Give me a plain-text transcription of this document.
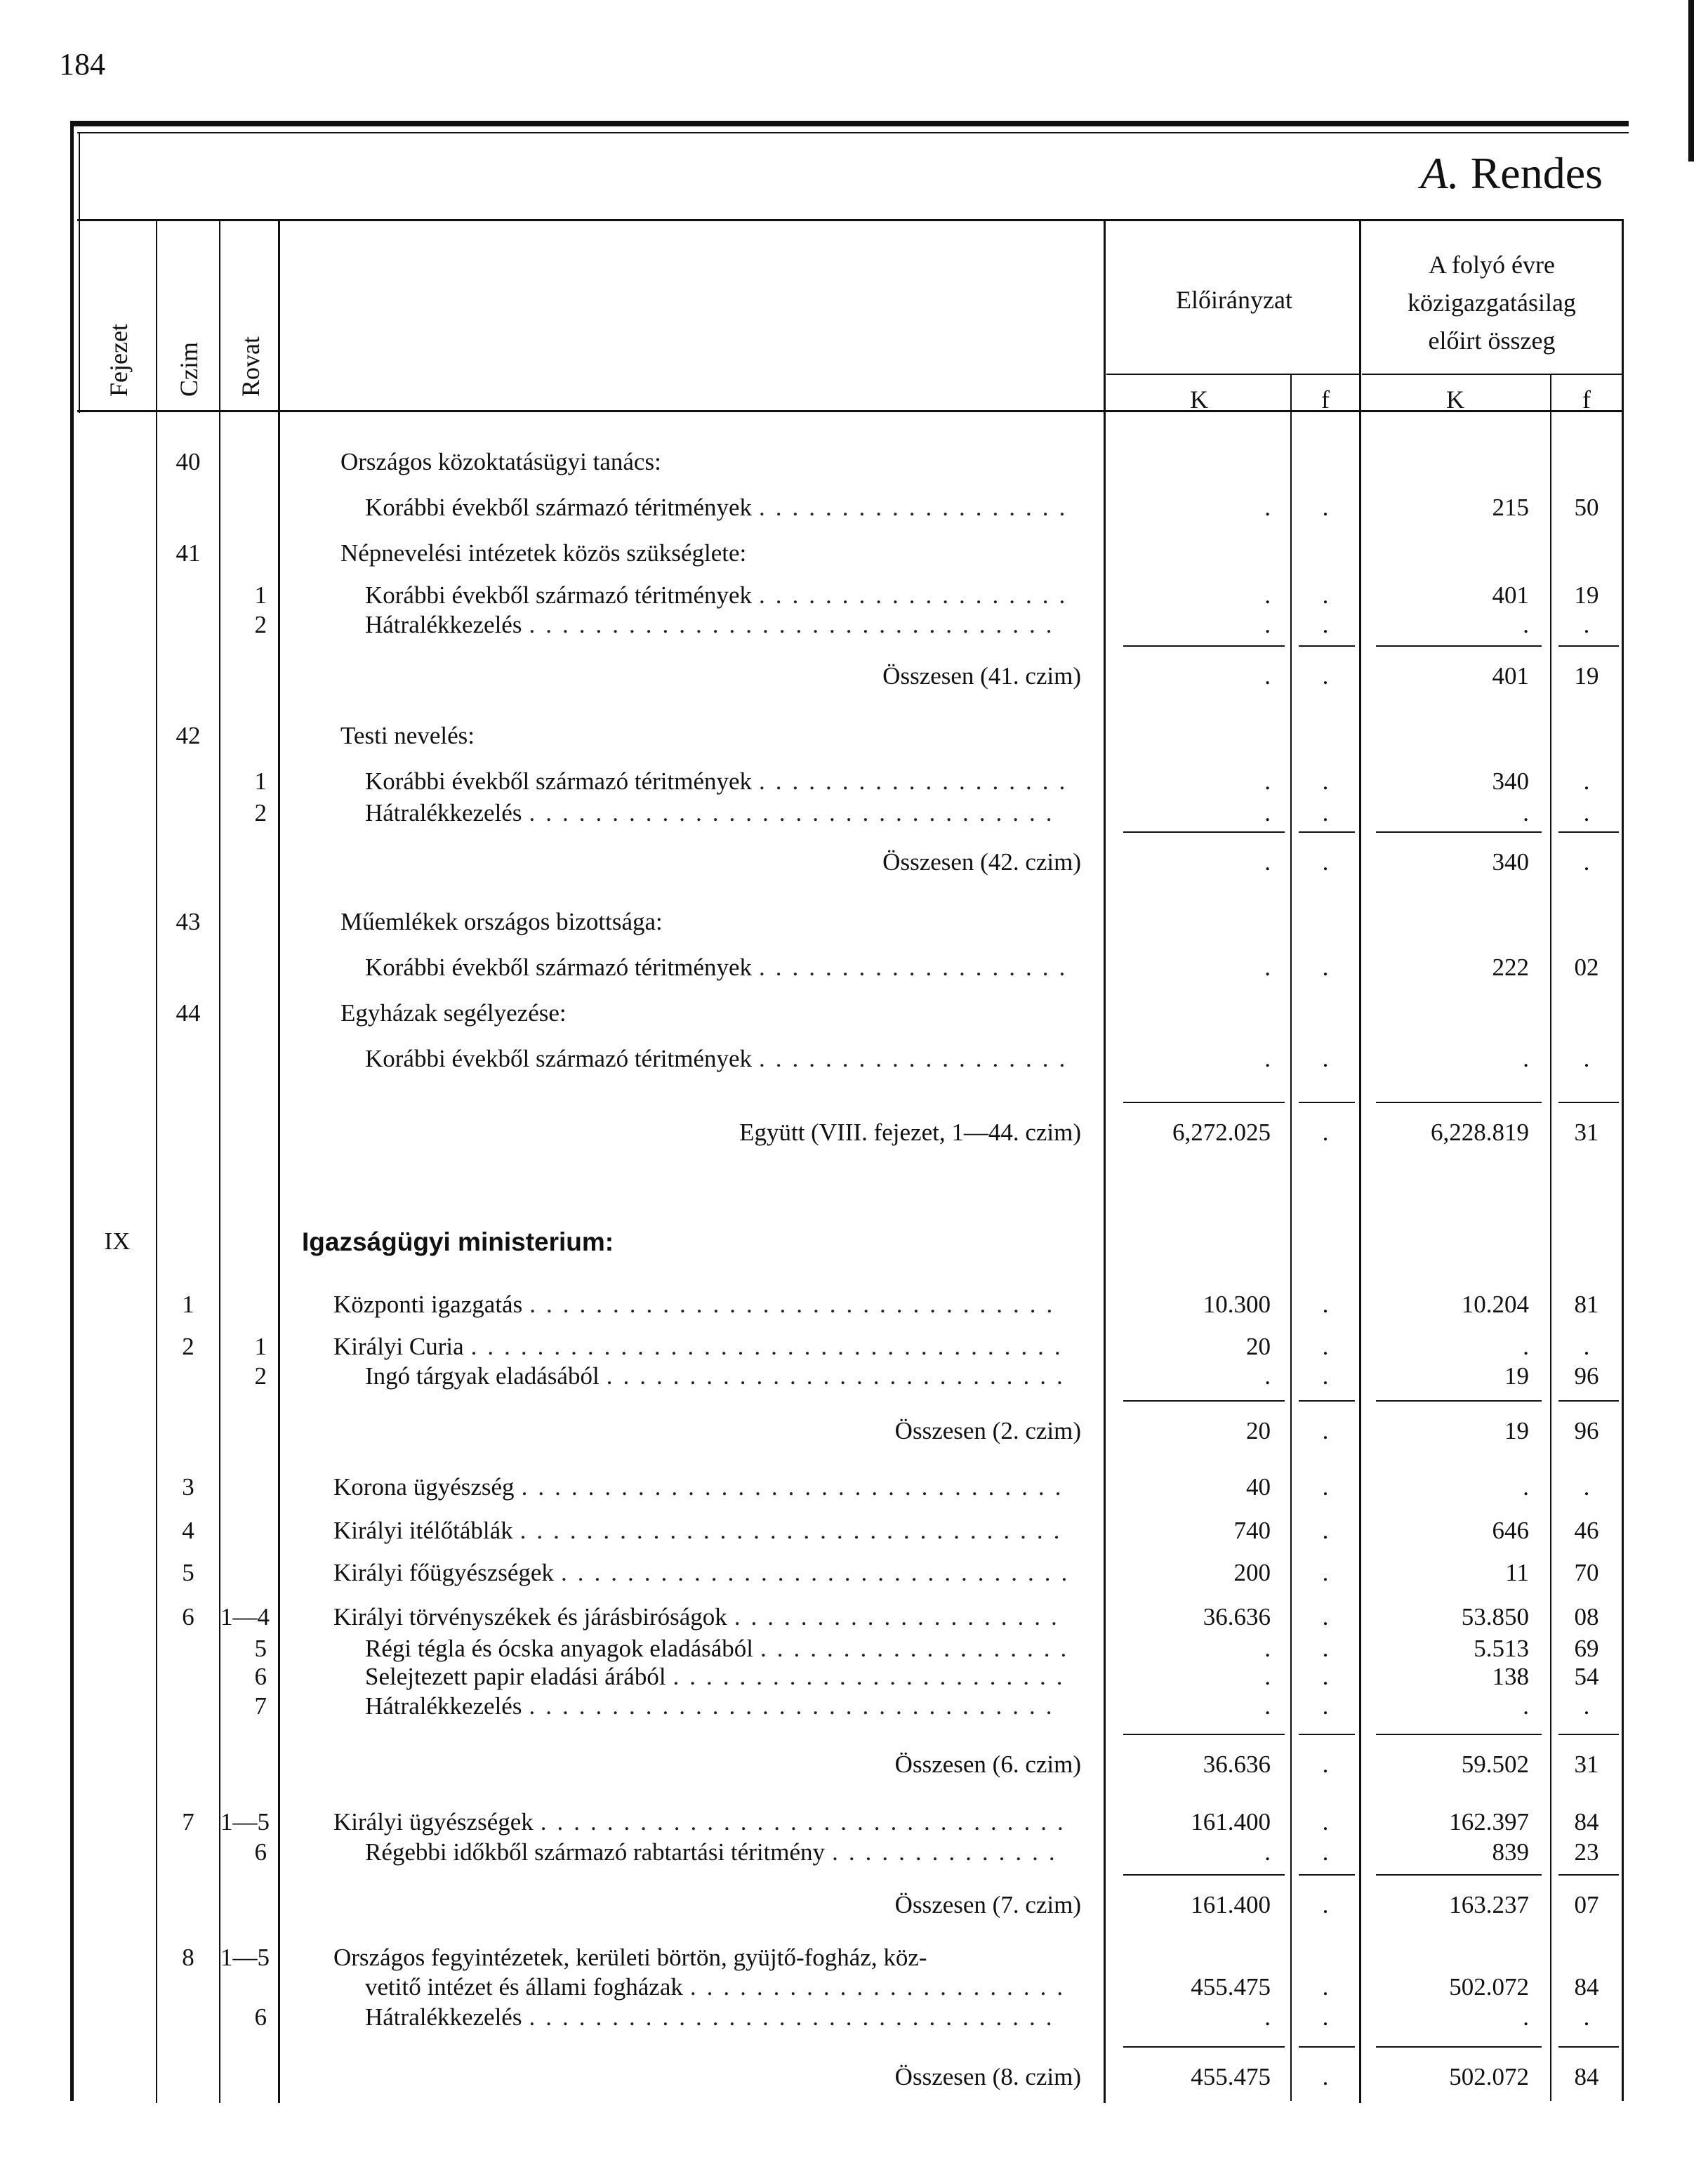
184
A. Rendes
Fejezet Czim Rovat
Előirányzat
A folyó évre
közigazgatásilag
előirt összeg
K	f	K	f
40	Országos közoktatásügyi tanács:
Korábbi évekből származó téritmények ...................	.	.	215	50
41	Népnevelési intézetek közös szükséglete:
1	Korábbi évekből származó téritmények ...................	.	.	401	19
2	Hátralékkezelés ................................	.	.	.	.
Összesen (41. czim)	.	.	401	19
42	Testi nevelés:
1	Korábbi évekből származó téritmények ...................	.	.	340	.
2	Hátralékkezelés ................................	.	.	.	.
Összesen (42. czim)	.	.	340	.
43	Műemlékek országos bizottsága:
Korábbi évekből származó téritmények ...................	.	.	222	02
44	Egyházak segélyezése:
Korábbi évekből származó téritmények ...................	.	.	.	.
Együtt (VIII. fejezet, 1—44. czim)	6,272.025	.	6,228.819	31
IX	Igazságügyi ministerium:
1	Központi igazgatás ................................	10.300	.	10.204	81
2	1	Királyi Curia ....................................	20	.	.	.
2	Ingó tárgyak eladásából ............................	.	.	19	96
Összesen (2. czim)	20	.	19	96
3	Korona ügyészség .................................	40	.	.	.
4	Királyi itélőtáblák .................................	740	.	646	46
5	Királyi főügyészségek ...............................	200	.	11	70
6	1—4	Királyi törvényszékek és járásbiróságok ....................	36.636	.	53.850	08
5	Régi tégla és ócska anyagok eladásából ...................	.	.	5.513	69
6	Selejtezett papir eladási árából ........................	.	.	138	54
7	Hátralékkezelés ................................	.	.	.	.
Összesen (6. czim)	36.636	.	59.502	31
7	1—5	Királyi ügyészségek ................................	161.400	.	162.397	84
6	Régebbi időkből származó rabtartási téritmény ..............	.	.	839	23
Összesen (7. czim)	161.400	.	163.237	07
8	1—5	Országos fegyintézetek, kerületi börtön, gyüjtő-fogház, köz-
vetitő intézet és állami fogházak .......................	455.475	.	502.072	84
6	Hátralékkezelés ................................	.	.	.	.
Összesen (8. czim)	455.475	.	502.072	84
